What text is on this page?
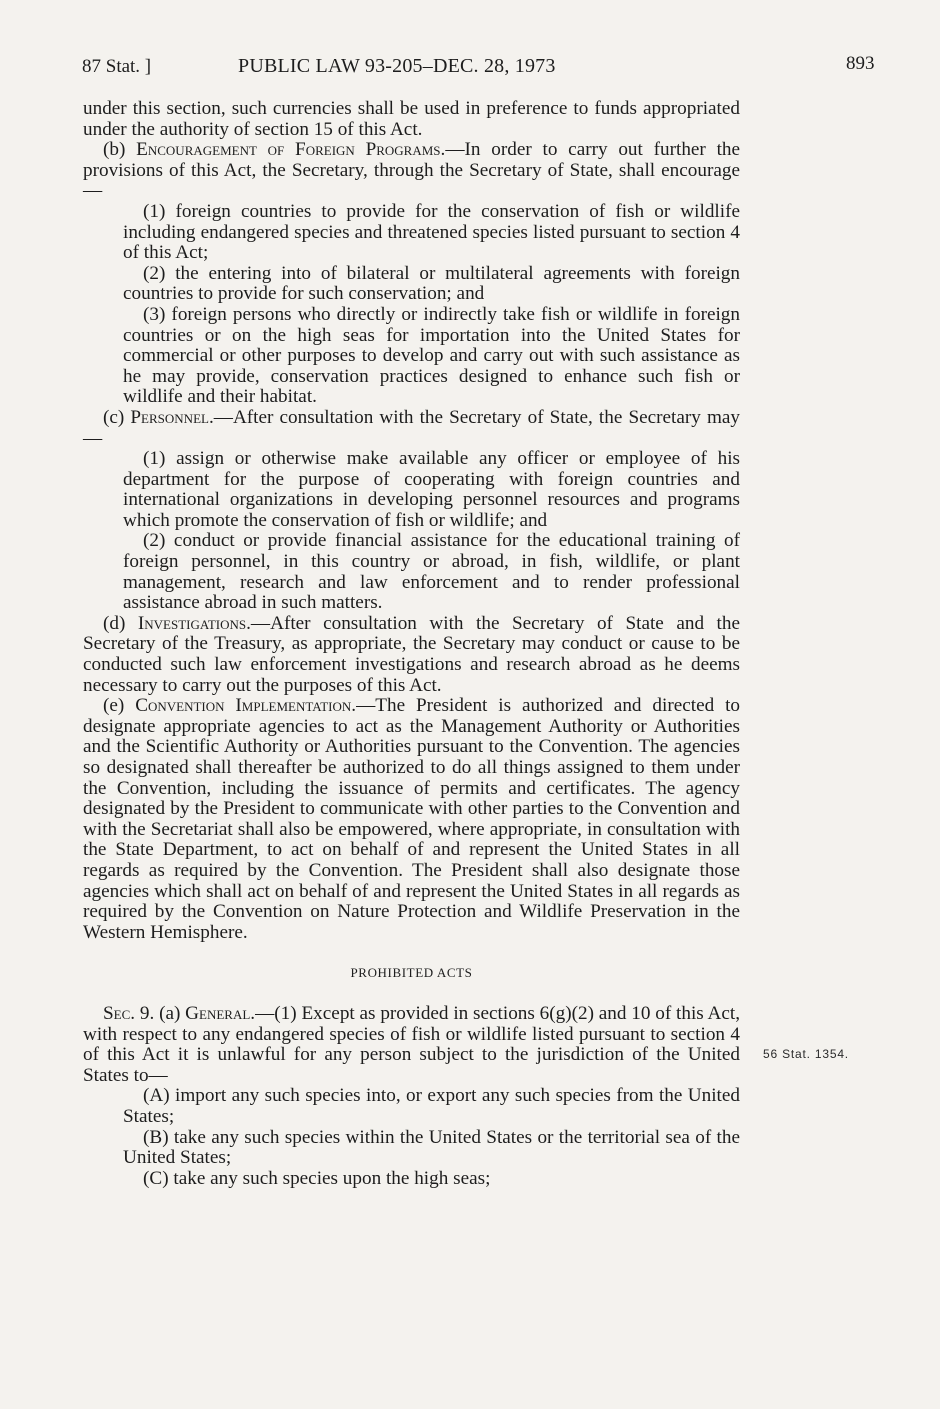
87 Stat. ]	PUBLIC LAW 93-205–DEC. 28, 1973	893

under this section, such currencies shall be used in preference to funds appropriated under the authority of section 15 of this Act.

(b) Encouragement of Foreign Programs.—In order to carry out further the provisions of this Act, the Secretary, through the Secretary of State, shall encourage—

(1) foreign countries to provide for the conservation of fish or wildlife including endangered species and threatened species listed pursuant to section 4 of this Act;

(2) the entering into of bilateral or multilateral agreements with foreign countries to provide for such conservation; and

(3) foreign persons who directly or indirectly take fish or wildlife in foreign countries or on the high seas for importation into the United States for commercial or other purposes to develop and carry out with such assistance as he may provide, conservation practices designed to enhance such fish or wildlife and their habitat.

(c) Personnel.—After consultation with the Secretary of State, the Secretary may—

(1) assign or otherwise make available any officer or employee of his department for the purpose of cooperating with foreign countries and international organizations in developing personnel resources and programs which promote the conservation of fish or wildlife; and

(2) conduct or provide financial assistance for the educational training of foreign personnel, in this country or abroad, in fish, wildlife, or plant management, research and law enforcement and to render professional assistance abroad in such matters.

(d) Investigations.—After consultation with the Secretary of State and the Secretary of the Treasury, as appropriate, the Secretary may conduct or cause to be conducted such law enforcement investigations and research abroad as he deems necessary to carry out the purposes of this Act.

(e) Convention Implementation.—The President is authorized and directed to designate appropriate agencies to act as the Management Authority or Authorities and the Scientific Authority or Authorities pursuant to the Convention. The agencies so designated shall thereafter be authorized to do all things assigned to them under the Convention, including the issuance of permits and certificates. The agency designated by the President to communicate with other parties to the Convention and with the Secretariat shall also be empowered, where appropriate, in consultation with the State Department, to act on behalf of and represent the United States in all regards as required by the Convention. The President shall also designate those agencies which shall act on behalf of and represent the United States in all regards as required by the Convention on Nature Protection and Wildlife Preservation in the Western Hemisphere.

PROHIBITED ACTS

Sec. 9. (a) General.—(1) Except as provided in sections 6(g)(2) and 10 of this Act, with respect to any endangered species of fish or wildlife listed pursuant to section 4 of this Act it is unlawful for any person subject to the jurisdiction of the United States to—

(A) import any such species into, or export any such species from the United States;

(B) take any such species within the United States or the territorial sea of the United States;

(C) take any such species upon the high seas;

56 Stat. 1354.
